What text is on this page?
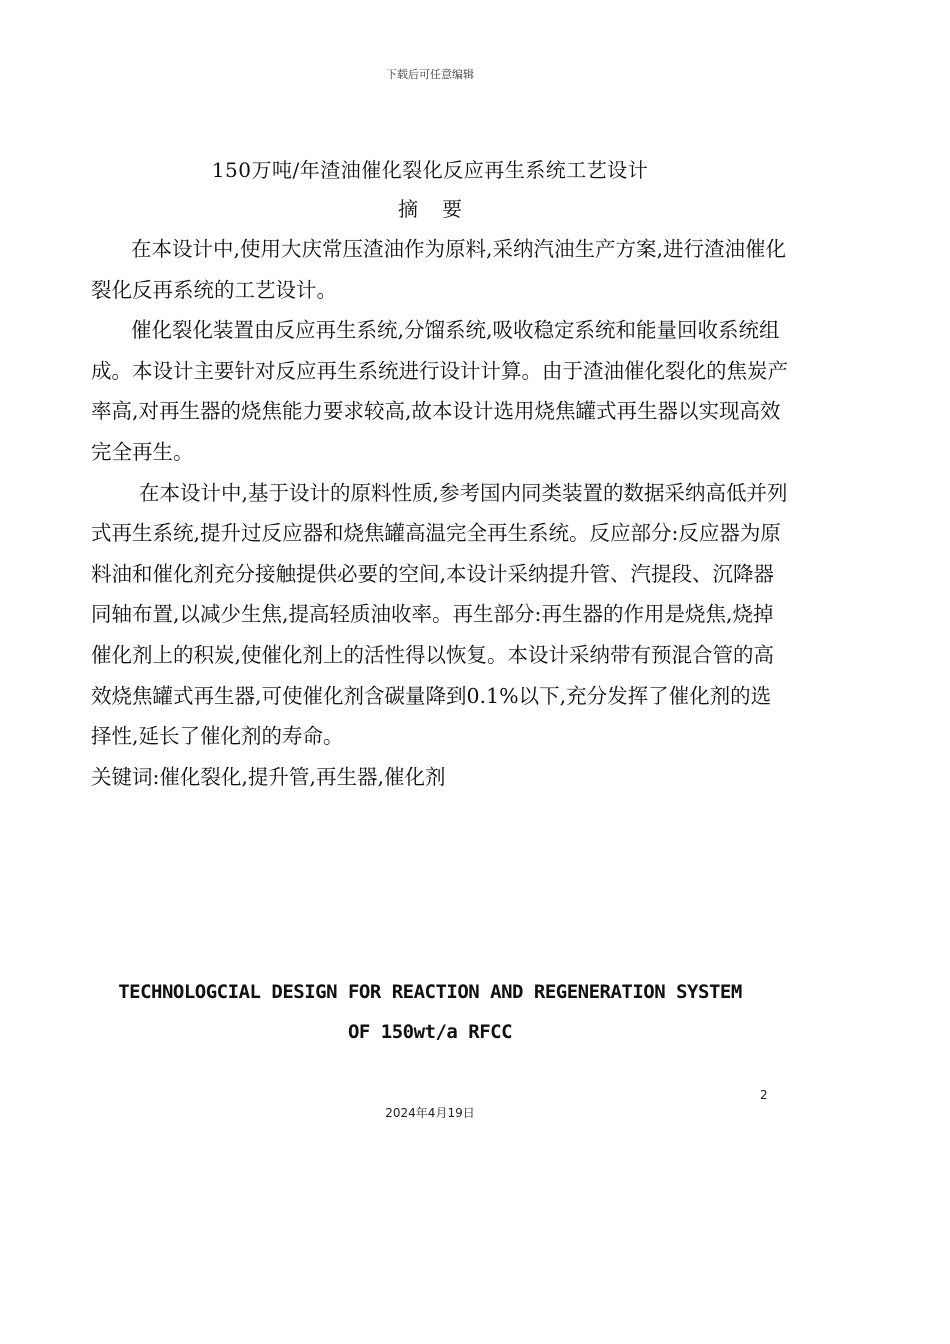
下载后可任意编辑
150万吨/年渣油催化裂化反应再生系统工艺设计
摘要

在本设计中,使用大庆常压渣油作为原料,采纳汽油生产方案,进行渣油催化裂化反再系统的工艺设计。

催化裂化装置由反应再生系统,分馏系统,吸收稳定系统和能量回收系统组成。本设计主要针对反应再生系统进行设计计算。由于渣油催化裂化的焦炭产率高,对再生器的烧焦能力要求较高,故本设计选用烧焦罐式再生器以实现高效完全再生。

在本设计中,基于设计的原料性质,参考国内同类装置的数据采纳高低并列式再生系统,提升过反应器和烧焦罐高温完全再生系统。反应部分:反应器为原料油和催化剂充分接触提供必要的空间,本设计采纳提升管、汽提段、沉降器同轴布置,以减少生焦,提高轻质油收率。再生部分:再生器的作用是烧焦,烧掉催化剂上的积炭,使催化剂上的活性得以恢复。本设计采纳带有预混合管的高效烧焦罐式再生器,可使催化剂含碳量降到0.1%以下,充分发挥了催化剂的选择性,延长了催化剂的寿命。

关键词:催化裂化,提升管,再生器,催化剂

TECHNOLOGCIAL DESIGN FOR REACTION AND REGENERATION SYSTEM
OF 150wt/a RFCC
2
2024年4月19日
